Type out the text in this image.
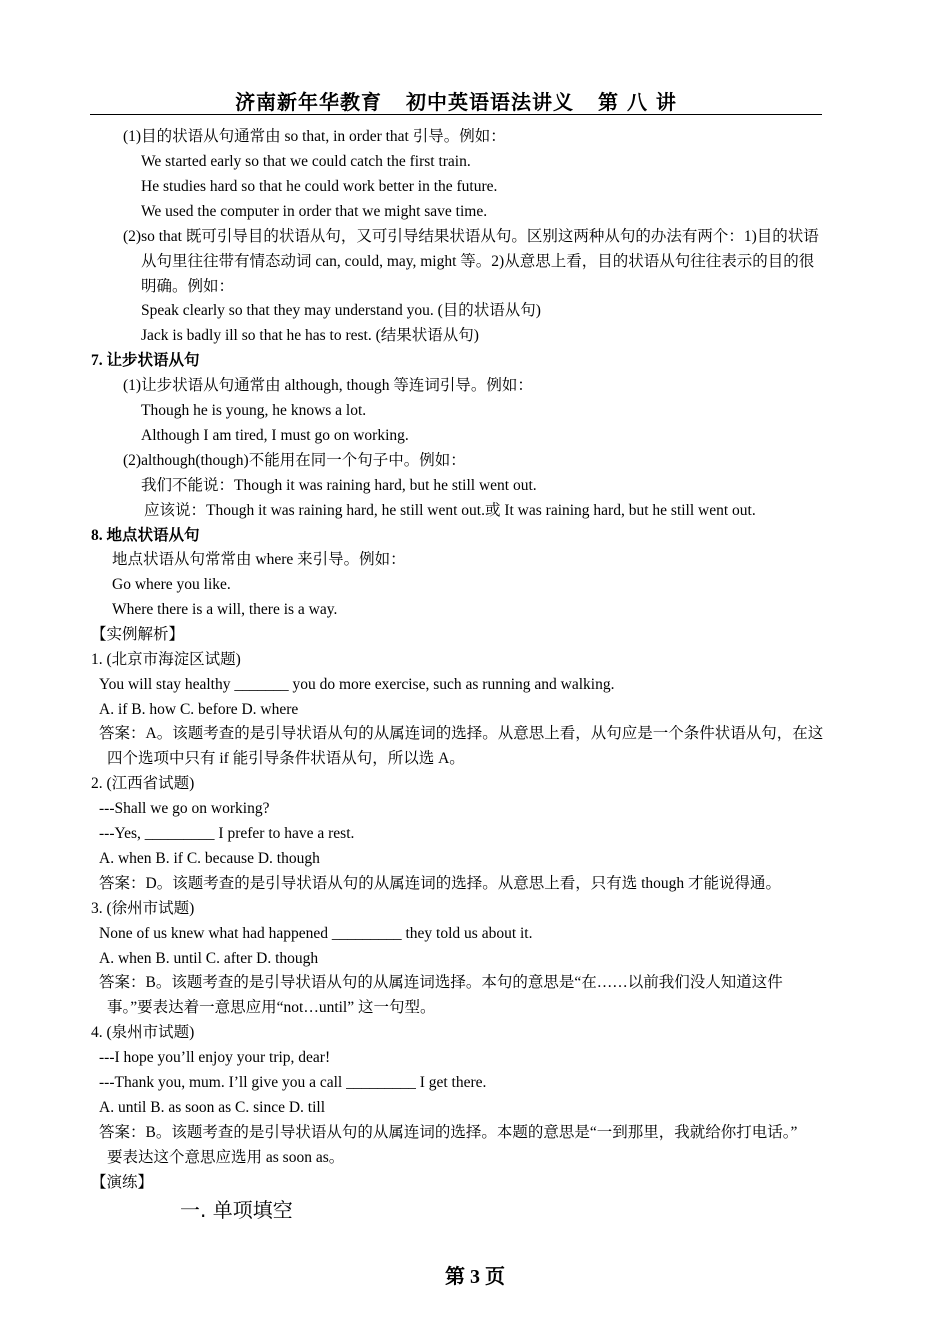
济南新年华教育 初中英语语法讲义 第 八 讲
(1)目的状语从句通常由 so that, in order that 引导。例如：
We started early so that we could catch the first train.
He studies hard so that he could work better in the future.
We used the computer in order that we might save time.
(2)so that 既可引导目的状语从句，又可引导结果状语从句。区别这两种从句的办法有两个：1)目的状语
从句里往往带有情态动词 can, could, may, might 等。2)从意思上看，目的状语从句往往表示的目的很
明确。例如：
Speak clearly so that they may understand you. (目的状语从句)
Jack is badly ill so that he has to rest. (结果状语从句)
7. 让步状语从句
(1)让步状语从句通常由 although, though 等连词引导。例如：
Though he is young, he knows a lot.
Although I am tired, I must go on working.
(2)although(though)不能用在同一个句子中。例如：
我们不能说：Though it was raining hard, but he still went out.
应该说：Though it was raining hard, he still went out.或 It was raining hard, but he still went out.
8. 地点状语从句
地点状语从句常常由 where 来引导。例如：
Go where you like.
Where there is a will, there is a way.
【实例解析】
1. (北京市海淀区试题)
You will stay healthy _______ you do more exercise, such as running and walking.
A. if B. how C. before D. where
答案：A。该题考查的是引导状语从句的从属连词的选择。从意思上看，从句应是一个条件状语从句，在这
四个选项中只有 if 能引导条件状语从句，所以选 A。
2. (江西省试题)
---Shall we go on working?
---Yes, _________ I prefer to have a rest.
A. when B. if C. because D. though
答案：D。该题考查的是引导状语从句的从属连词的选择。从意思上看，只有选 though 才能说得通。
3. (徐州市试题)
None of us knew what had happened _________ they told us about it.
A. when B. until C. after D. though
答案：B。该题考查的是引导状语从句的从属连词选择。本句的意思是“在……以前我们没人知道这件
事。”要表达着一意思应用“not…until” 这一句型。
4. (泉州市试题)
---I hope you’ll enjoy your trip, dear!
---Thank you, mum. I’ll give you a call _________ I get there.
A. until B. as soon as C. since D. till
答案：B。该题考查的是引导状语从句的从属连词的选择。本题的意思是“一到那里，我就给你打电话。”
要表达这个意思应选用 as soon as。
【演练】
一. 单项填空
第 3 页
